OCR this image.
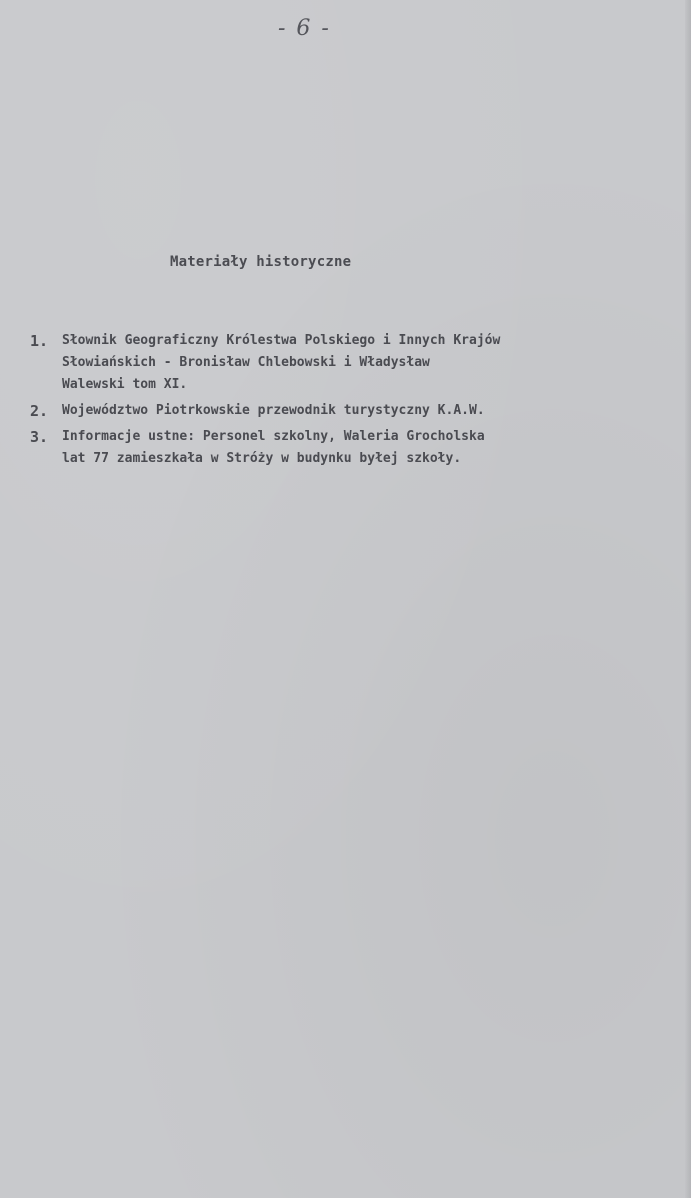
- 6 -
Materiały historyczne
1. Słownik Geograficzny Królestwa Polskiego i Innych Krajów
Słowiańskich - Bronisław Chlebowski i Władysław
Walewski tom XI.
2. Województwo Piotrkowskie przewodnik turystyczny K.A.W.
3. Informacje ustne: Personel szkolny, Waleria Grocholska
lat 77 zamieszkała w Stróży w budynku byłej szkoły.
